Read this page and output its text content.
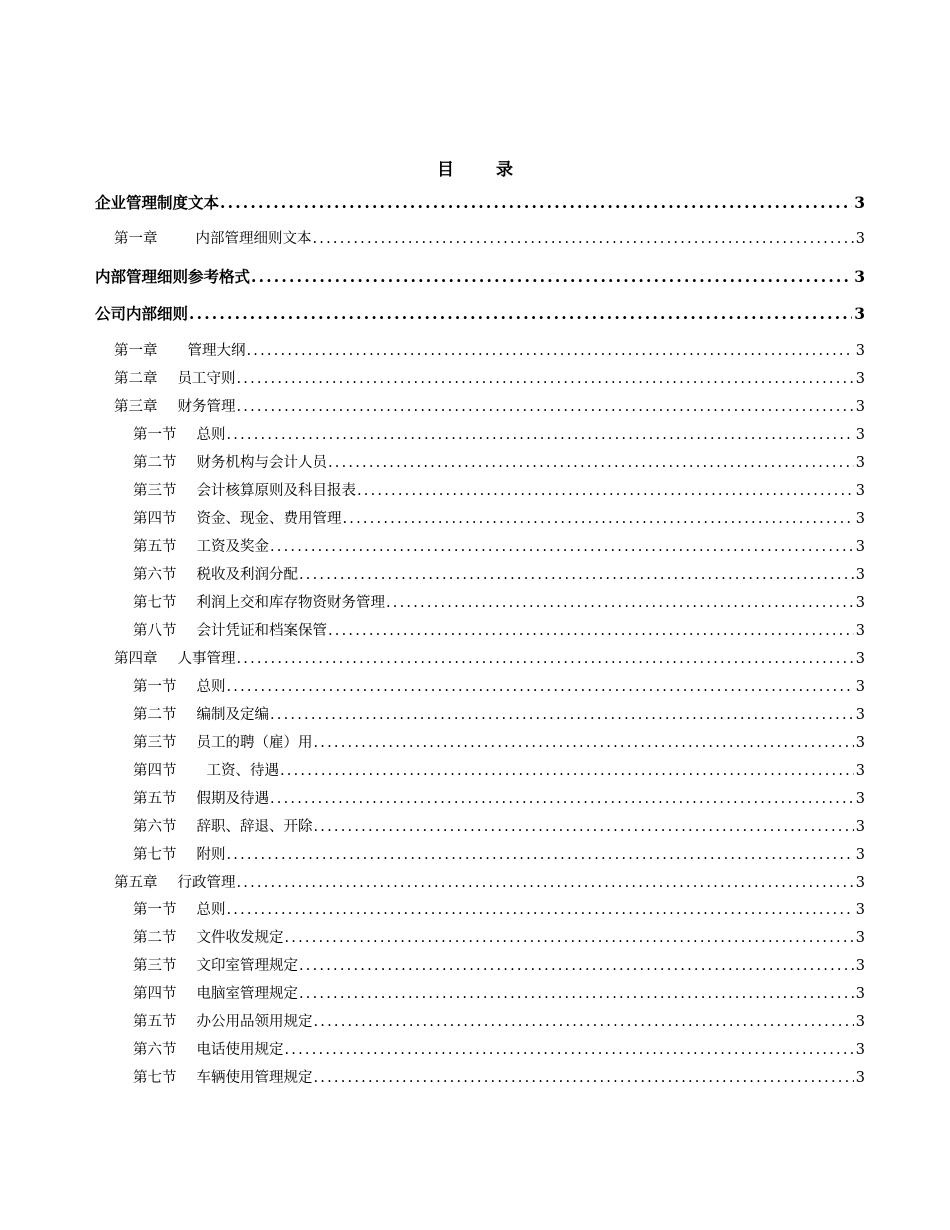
目 录
企业管理制度文本 .....	3
第一章	内部管理细则文本 .....	3
内部管理细则参考格式 .....	3
公司内部细则 .....	3
第一章 管理大纲 .....	3
第二章 员工守则 .....	3
第三章 财务管理 .....	3
第一节 总则 .....	3
第二节 财务机构与会计人员 .....	3
第三节 会计核算原则及科目报表 .....	3
第四节 资金、现金、费用管理 .....	3
第五节 工资及奖金 .....	3
第六节 税收及利润分配 .....	3
第七节 利润上交和库存物资财务管理 .....	3
第八节 会计凭证和档案保管 .....	3
第四章 人事管理 .....	3
第一节 总则 .....	3
第二节 编制及定编 .....	3
第三节 员工的聘（雇）用 .....	3
第四节 工资、待遇 .....	3
第五节 假期及待遇 .....	3
第六节 辞职、辞退、开除 .....	3
第七节 附则 .....	3
第五章 行政管理 .....	3
第一节 总则 .....	3
第二节 文件收发规定 .....	3
第三节 文印室管理规定 .....	3
第四节 电脑室管理规定 .....	3
第五节 办公用品领用规定 .....	3
第六节 电话使用规定 .....	3
第七节 车辆使用管理规定 .....	3
